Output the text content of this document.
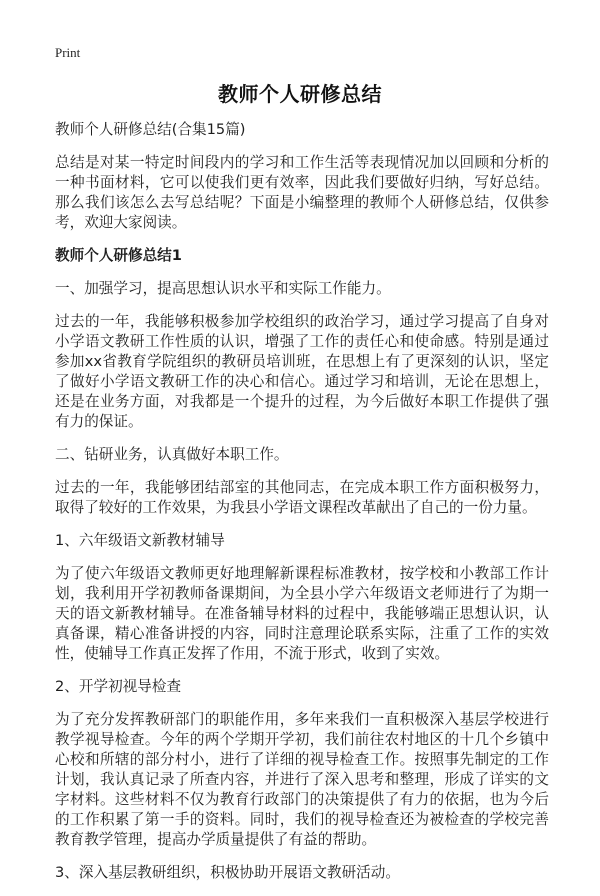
Print
教师个人研修总结

教师个人研修总结(合集15篇)

总结是对某一特定时间段内的学习和工作生活等表现情况加以回顾和分析的一种书面材料，它可以使我们更有效率，因此我们要做好归纳，写好总结。那么我们该怎么去写总结呢？下面是小编整理的教师个人研修总结，仅供参考，欢迎大家阅读。

教师个人研修总结1

一、加强学习，提高思想认识水平和实际工作能力。

过去的一年，我能够积极参加学校组织的政治学习，通过学习提高了自身对小学语文教研工作性质的认识，增强了工作的责任心和使命感。特别是通过参加xx省教育学院组织的教研员培训班，在思想上有了更深刻的认识，坚定了做好小学语文教研工作的决心和信心。通过学习和培训，无论在思想上，还是在业务方面，对我都是一个提升的过程，为今后做好本职工作提供了强有力的保证。

二、钻研业务，认真做好本职工作。

过去的一年，我能够团结部室的其他同志，在完成本职工作方面积极努力，取得了较好的工作效果，为我县小学语文课程改革献出了自己的一份力量。

1、六年级语文新教材辅导

为了使六年级语文教师更好地理解新课程标准教材，按学校和小教部工作计划，我利用开学初教师备课期间，为全县小学六年级语文老师进行了为期一天的语文新教材辅导。在准备辅导材料的过程中，我能够端正思想认识，认真备课，精心准备讲授的内容，同时注意理论联系实际，注重了工作的实效性，使辅导工作真正发挥了作用，不流于形式，收到了实效。

2、开学初视导检查

为了充分发挥教研部门的职能作用，多年来我们一直积极深入基层学校进行教学视导检查。今年的两个学期开学初，我们前往农村地区的十几个乡镇中心校和所辖的部分村小，进行了详细的视导检查工作。按照事先制定的工作计划，我认真记录了所查内容，并进行了深入思考和整理，形成了详实的文字材料。这些材料不仅为教育行政部门的决策提供了有力的依据，也为今后的工作积累了第一手的资料。同时，我们的视导检查还为被检查的学校完善教育教学管理，提高办学质量提供了有益的帮助。

3、深入基层教研组织，积极协助开展语文教研活动。
